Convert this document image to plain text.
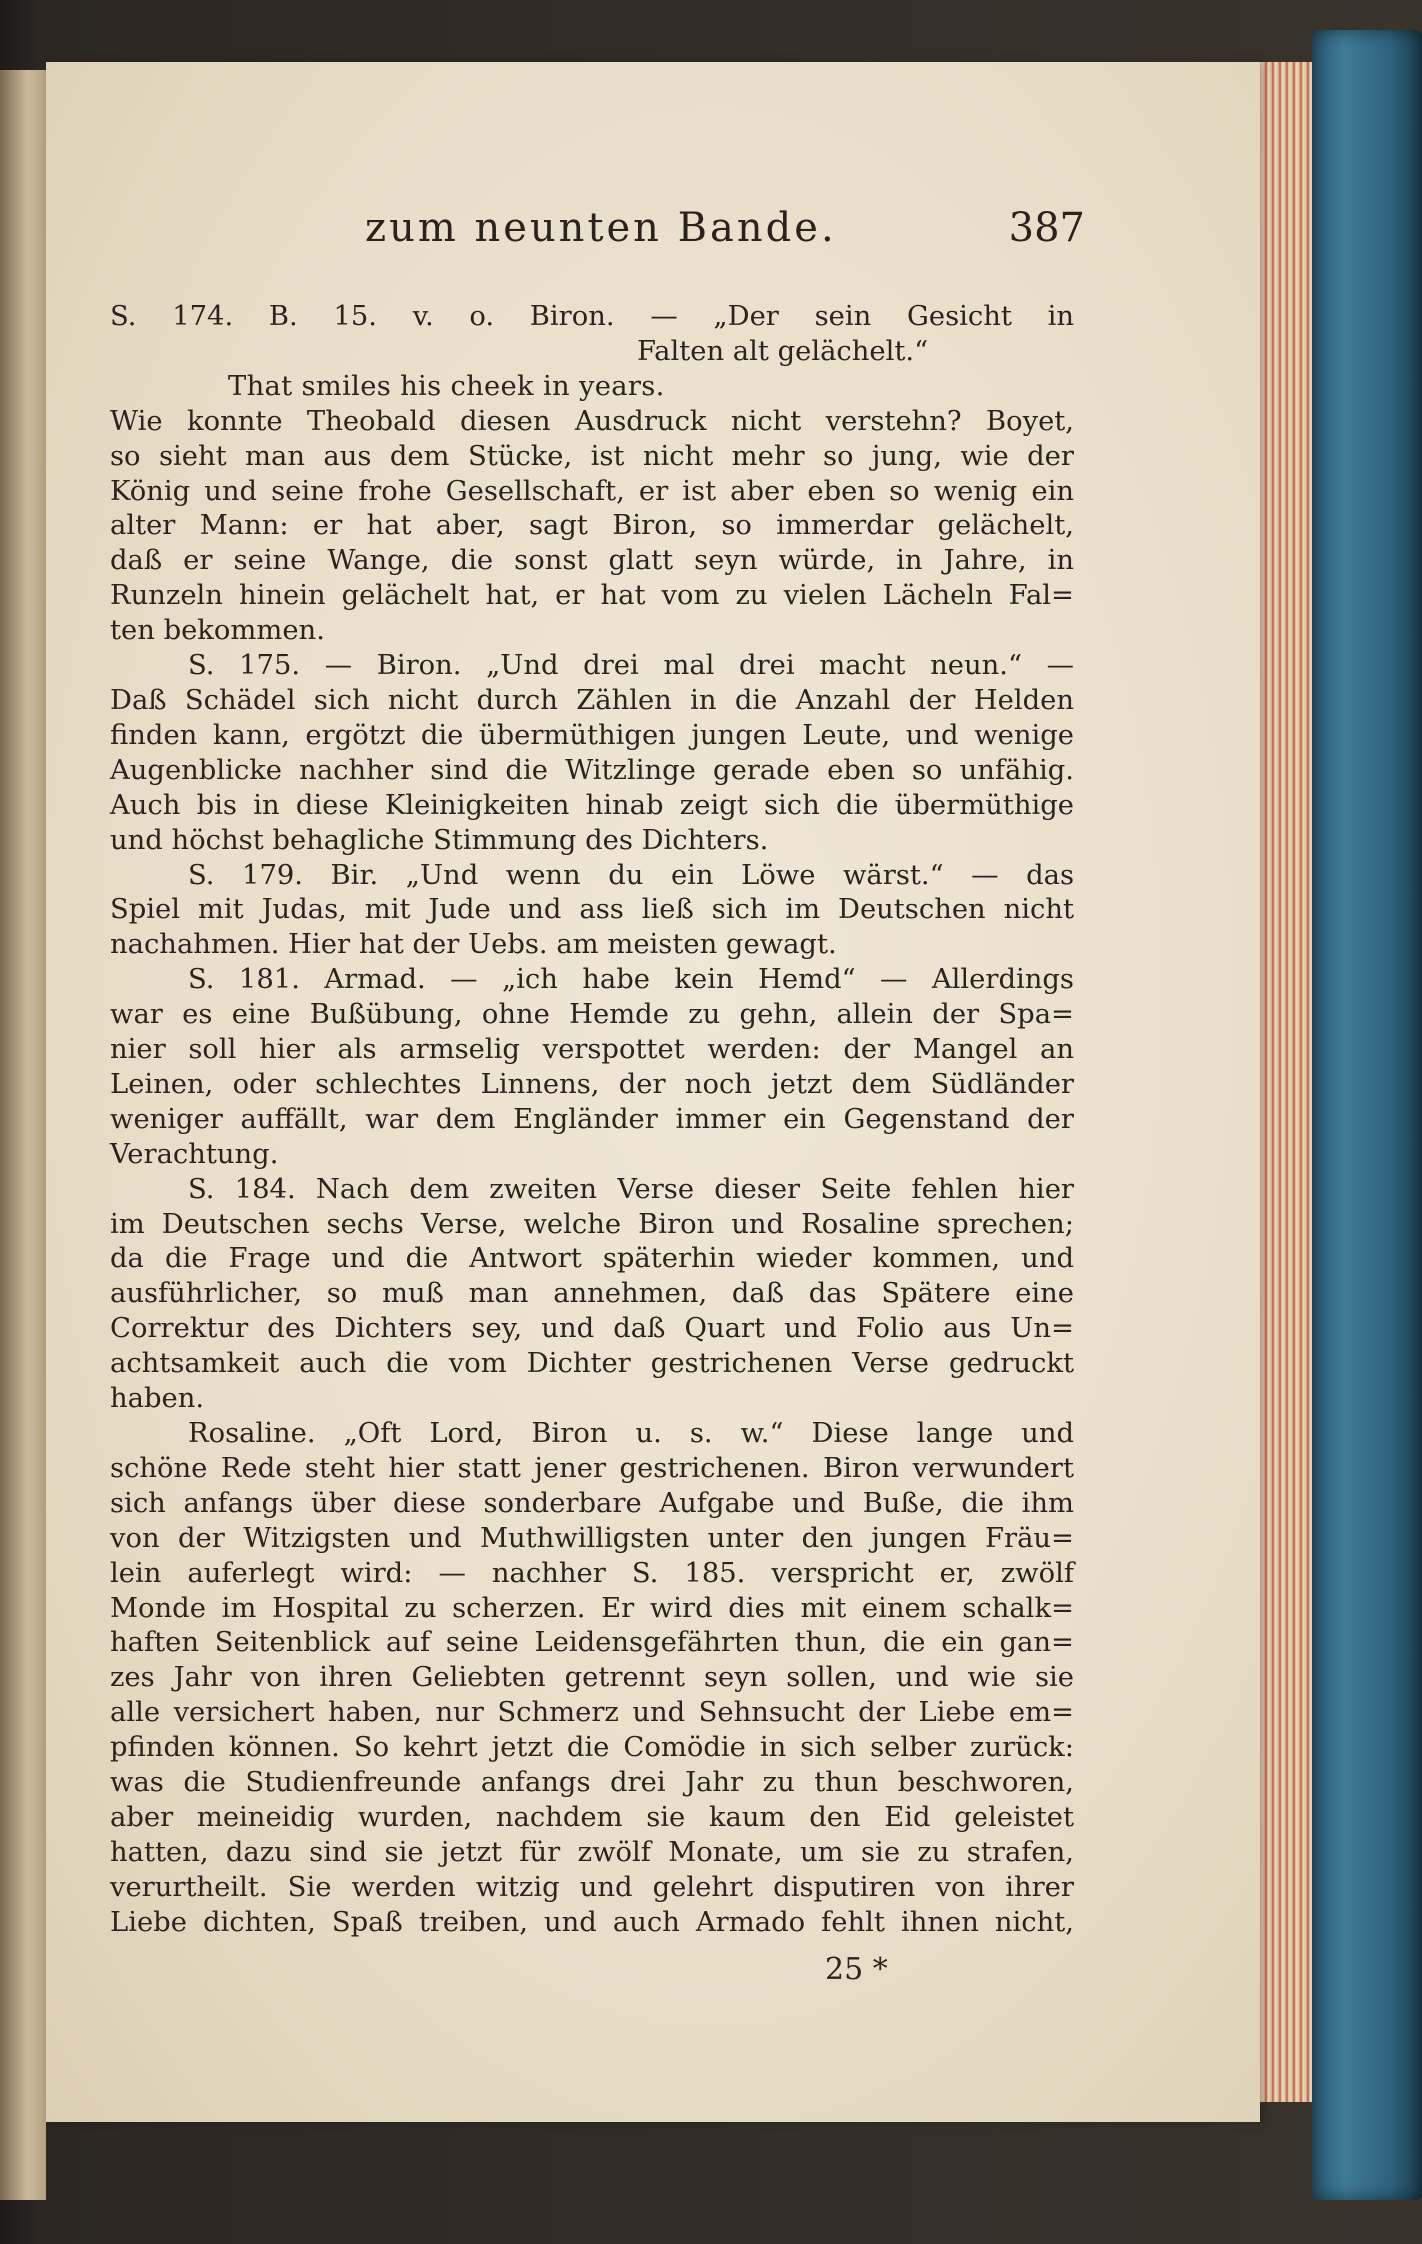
zum neunten Bande.	387

S. 174. B. 15. v. o. Biron. — „Der sein Gesicht in

Falten alt gelächelt.“

That smiles his cheek in years.

Wie konnte Theobald diesen Ausdruck nicht verstehn? Boyet,

so sieht man aus dem Stücke, ist nicht mehr so jung, wie der

König und seine frohe Gesellschaft, er ist aber eben so wenig ein

alter Mann: er hat aber, sagt Biron, so immerdar gelächelt,

daß er seine Wange, die sonst glatt seyn würde, in Jahre, in

Runzeln hinein gelächelt hat, er hat vom zu vielen Lächeln Fal=

ten bekommen.

S. 175. — Biron. „Und drei mal drei macht neun.“ —

Daß Schädel sich nicht durch Zählen in die Anzahl der Helden

finden kann, ergötzt die übermüthigen jungen Leute, und wenige

Augenblicke nachher sind die Witzlinge gerade eben so unfähig.

Auch bis in diese Kleinigkeiten hinab zeigt sich die übermüthige

und höchst behagliche Stimmung des Dichters.

S. 179. Bir. „Und wenn du ein Löwe wärst.“ — das

Spiel mit Judas, mit Jude und ass ließ sich im Deutschen nicht

nachahmen. Hier hat der Uebs. am meisten gewagt.

S. 181. Armad. — „ich habe kein Hemd“ — Allerdings

war es eine Bußübung, ohne Hemde zu gehn, allein der Spa=

nier soll hier als armselig verspottet werden: der Mangel an

Leinen, oder schlechtes Linnens, der noch jetzt dem Südländer

weniger auffällt, war dem Engländer immer ein Gegenstand der

Verachtung.

S. 184. Nach dem zweiten Verse dieser Seite fehlen hier

im Deutschen sechs Verse, welche Biron und Rosaline sprechen;

da die Frage und die Antwort späterhin wieder kommen, und

ausführlicher, so muß man annehmen, daß das Spätere eine

Correktur des Dichters sey, und daß Quart und Folio aus Un=

achtsamkeit auch die vom Dichter gestrichenen Verse gedruckt

haben.

Rosaline. „Oft Lord, Biron u. s. w.“ Diese lange und

schöne Rede steht hier statt jener gestrichenen. Biron verwundert

sich anfangs über diese sonderbare Aufgabe und Buße, die ihm

von der Witzigsten und Muthwilligsten unter den jungen Fräu=

lein auferlegt wird: — nachher S. 185. verspricht er, zwölf

Monde im Hospital zu scherzen. Er wird dies mit einem schalk=

haften Seitenblick auf seine Leidensgefährten thun, die ein gan=

zes Jahr von ihren Geliebten getrennt seyn sollen, und wie sie

alle versichert haben, nur Schmerz und Sehnsucht der Liebe em=

pfinden können. So kehrt jetzt die Comödie in sich selber zurück:

was die Studienfreunde anfangs drei Jahr zu thun beschworen,

aber meineidig wurden, nachdem sie kaum den Eid geleistet

hatten, dazu sind sie jetzt für zwölf Monate, um sie zu strafen,

verurtheilt. Sie werden witzig und gelehrt disputiren von ihrer

Liebe dichten, Spaß treiben, und auch Armado fehlt ihnen nicht,

25 *
